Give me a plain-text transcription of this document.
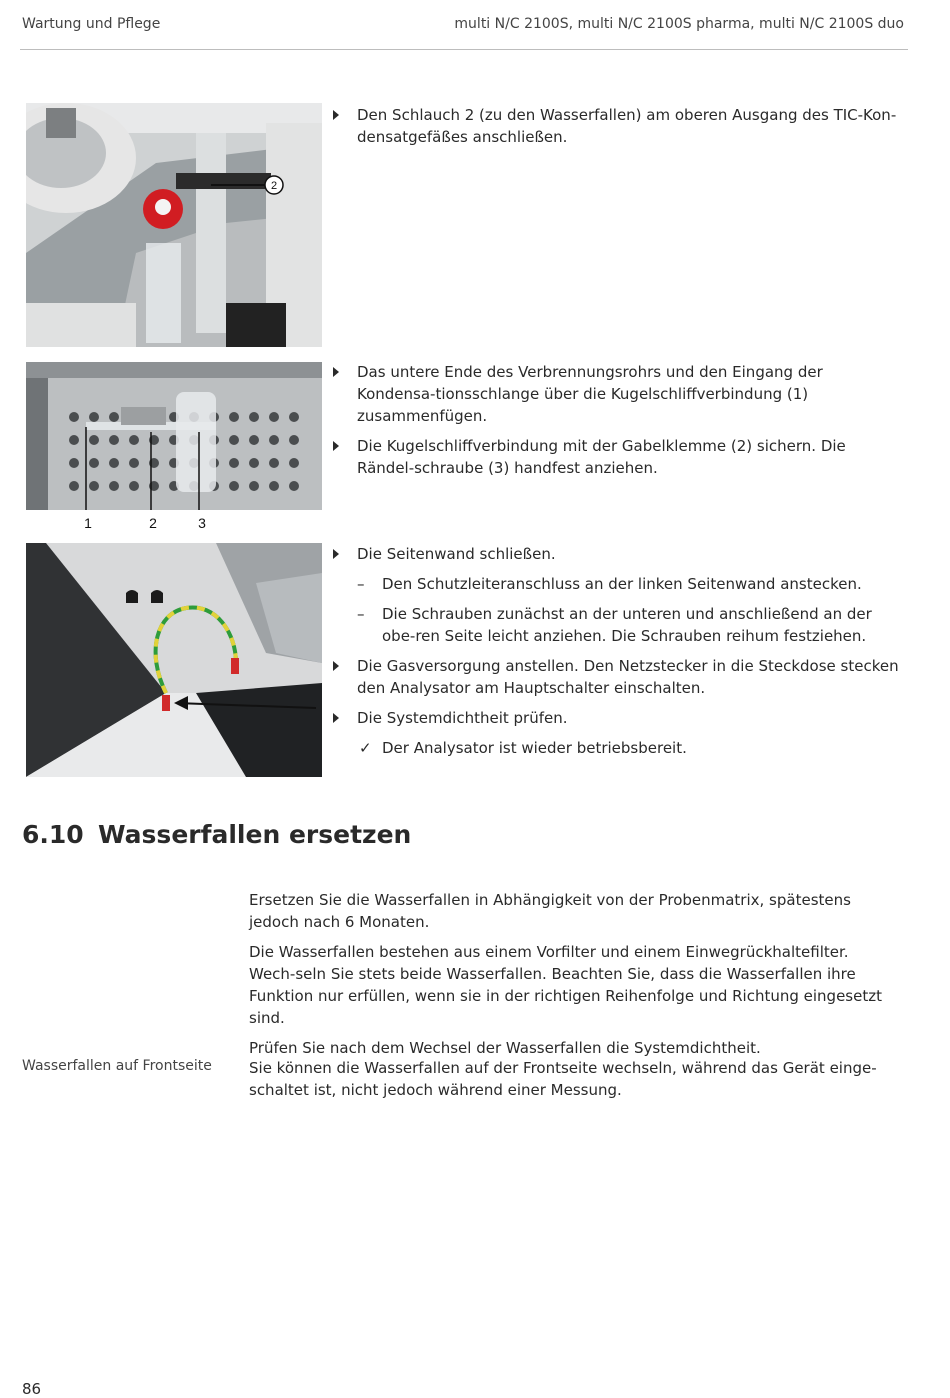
Wartung und Pflege	multi N/C 2100S, multi N/C 2100S pharma, multi N/C 2100S duo
2
1	2	3
Den Schlauch 2 (zu den Wasserfallen) am oberen Ausgang des TIC-Kon-densatgefäßes anschließen.
Das untere Ende des Verbrennungsrohrs und den Eingang der Kondensa-tionsschlange über die Kugelschliffverbindung (1) zusammenfügen.
Die Kugelschliffverbindung mit der Gabelklemme (2) sichern. Die Rändel-schraube (3) handfest anziehen.
Die Seitenwand schließen.
– Den Schutzleiteranschluss an der linken Seitenwand anstecken.
– Die Schrauben zunächst an der unteren und anschließend an der obe-ren Seite leicht anziehen. Die Schrauben reihum festziehen.
Die Gasversorgung anstellen. Den Netzstecker in die Steckdose stecken den Analysator am Hauptschalter einschalten.
Die Systemdichtheit prüfen.
✓ Der Analysator ist wieder betriebsbereit.
6.10 Wasserfallen ersetzen

Ersetzen Sie die Wasserfallen in Abhängigkeit von der Probenmatrix, spätestens jedoch nach 6 Monaten.

Die Wasserfallen bestehen aus einem Vorfilter und einem Einwegrückhaltefilter. Wech-seln Sie stets beide Wasserfallen. Beachten Sie, dass die Wasserfallen ihre Funktion nur erfüllen, wenn sie in der richtigen Reihenfolge und Richtung eingesetzt sind.

Prüfen Sie nach dem Wechsel der Wasserfallen die Systemdichtheit.

Wasserfallen auf Frontseite Sie können die Wasserfallen auf der Frontseite wechseln, während das Gerät einge-schaltet ist, nicht jedoch während einer Messung.

86
